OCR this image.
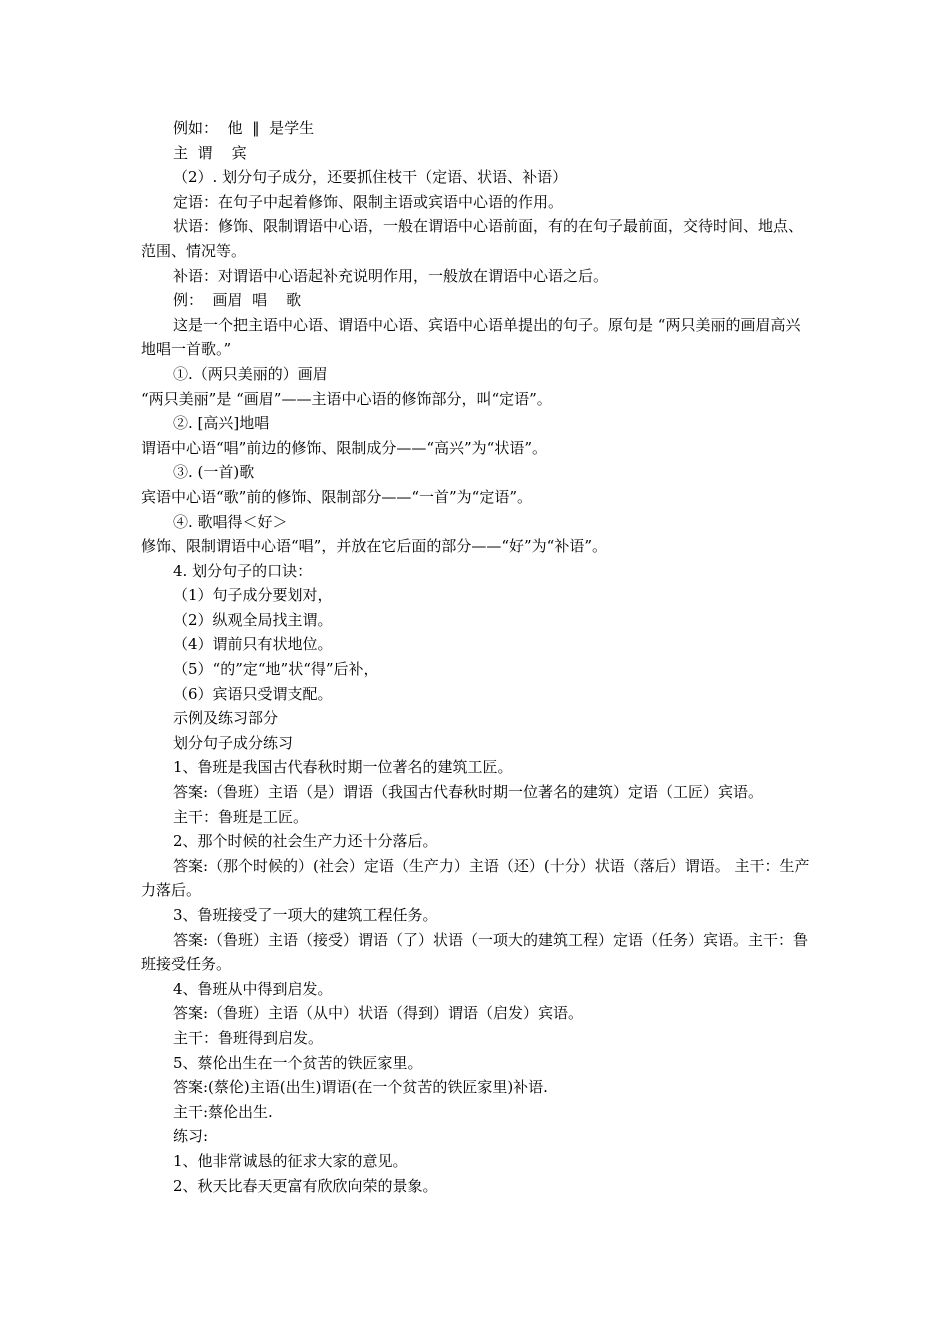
例如：  他  ‖  是学生

主  谓    宾

（2）. 划分句子成分，还要抓住枝干（定语、状语、补语）

定语：在句子中起着修饰、限制主语或宾语中心语的作用。

状语：修饰、限制谓语中心语，一般在谓语中心语前面，有的在句子最前面，交待时间、地点、范围、情况等。

补语：对谓语中心语起补充说明作用，一般放在谓语中心语之后。

例：  画眉  唱    歌

这是一个把主语中心语、谓语中心语、宾语中心语单提出的句子。原句是 “两只美丽的画眉高兴地唱一首歌。”

①.（两只美丽的）画眉

“两只美丽”是 “画眉”——主语中心语的修饰部分，叫“定语”。

②. [高兴]地唱

谓语中心语“唱”前边的修饰、限制成分——“高兴”为“状语”。

③. (一首)歌

宾语中心语“歌”前的修饰、限制部分——“一首”为“定语”。

④. 歌唱得＜好＞

修饰、限制谓语中心语“唱”，并放在它后面的部分——“好”为“补语”。

4. 划分句子的口诀：

（1）句子成分要划对，

（2）纵观全局找主谓。

（4）谓前只有状地位。

（5）“的”定“地”状“得”后补，

（6）宾语只受谓支配。

示例及练习部分

划分句子成分练习

1、鲁班是我国古代春秋时期一位著名的建筑工匠。

答案:（鲁班）主语（是）谓语（我国古代春秋时期一位著名的建筑）定语（工匠）宾语。

主干：鲁班是工匠。

2、那个时候的社会生产力还十分落后。

答案:（那个时候的）(社会）定语（生产力）主语（还）(十分）状语（落后）谓语。 主干：生产力落后。

3、鲁班接受了一项大的建筑工程任务。

答案:（鲁班）主语（接受）谓语（了）状语（一项大的建筑工程）定语（任务）宾语。主干：鲁班接受任务。

4、鲁班从中得到启发。

答案:（鲁班）主语（从中）状语（得到）谓语（启发）宾语。

主干：鲁班得到启发。

5、蔡伦出生在一个贫苦的铁匠家里。

答案:(蔡伦)主语(出生)谓语(在一个贫苦的铁匠家里)补语.

主干:蔡伦出生.

练习:

1、他非常诚恳的征求大家的意见。

2、秋天比春天更富有欣欣向荣的景象。
